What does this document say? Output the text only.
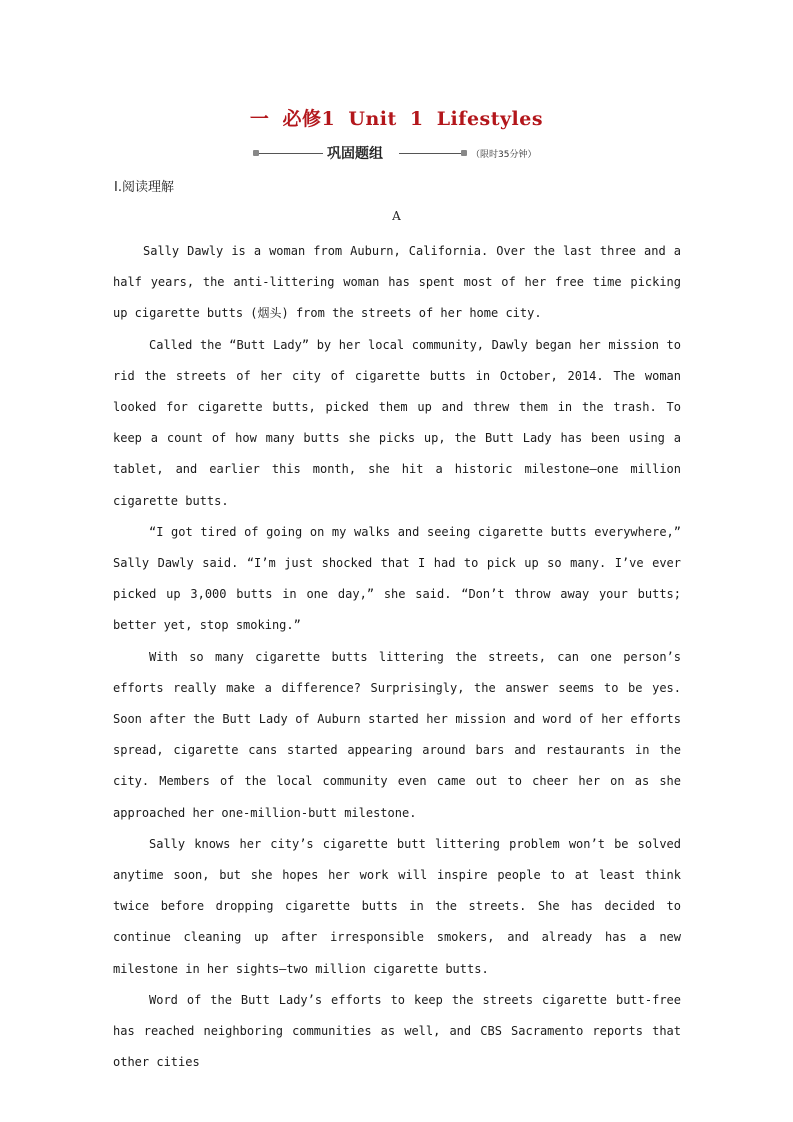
一 必修1 Unit 1 Lifestyles
巩固题组	（限时35分钟）
Ⅰ.阅读理解
A

Sally Dawly is a woman from Auburn, California. Over the last three and a half years, the anti-littering woman has spent most of her free time picking up cigarette butts (烟头) from the streets of her home city.

Called the “Butt Lady” by her local community, Dawly began her mission to rid the streets of her city of cigarette butts in October, 2014. The woman looked for cigarette butts, picked them up and threw them in the trash. To keep a count of how many butts she picks up, the Butt Lady has been using a tablet, and earlier this month, she hit a historic milestone—one million cigarette butts.

“I got tired of going on my walks and seeing cigarette butts everywhere,” Sally Dawly said. “I’m just shocked that I had to pick up so many. I’ve ever picked up 3,000 butts in one day,” she said. “Don’t throw away your butts; better yet, stop smoking.”

With so many cigarette butts littering the streets, can one person’s efforts really make a difference? Surprisingly, the answer seems to be yes. Soon after the Butt Lady of Auburn started her mission and word of her efforts spread, cigarette cans started appearing around bars and restaurants in the city. Members of the local community even came out to cheer her on as she approached her one-million-butt milestone.

Sally knows her city’s cigarette butt littering problem won’t be solved anytime soon, but she hopes her work will inspire people to at least think twice before dropping cigarette butts in the streets. She has decided to continue cleaning up after irresponsible smokers, and already has a new milestone in her sights—two million cigarette butts.

Word of the Butt Lady’s efforts to keep the streets cigarette butt-free has reached neighboring communities as well, and CBS Sacramento reports that other cities
